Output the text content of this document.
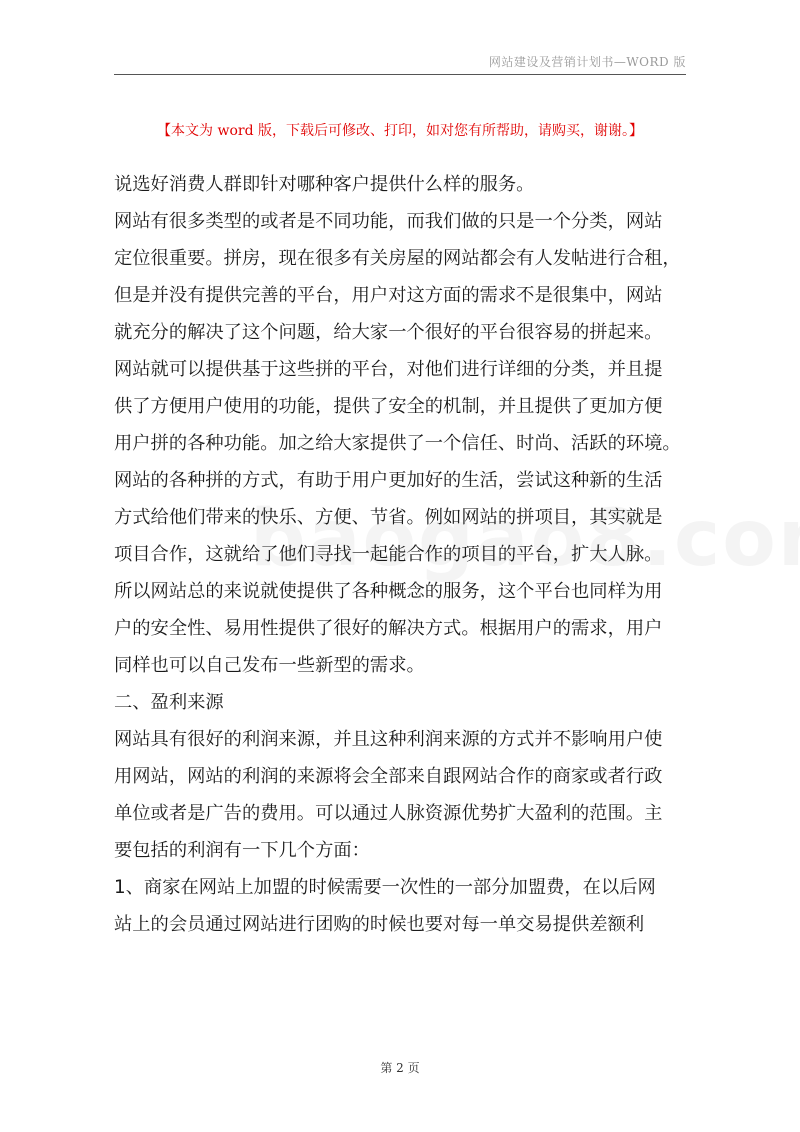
网站建设及营销计划书—WORD 版
【本文为 word 版，下载后可修改、打印，如对您有所帮助，请购买，谢谢。】
说选好消费人群即针对哪种客户提供什么样的服务。
网站有很多类型的或者是不同功能，而我们做的只是一个分类，网站
定位很重要。拼房，现在很多有关房屋的网站都会有人发帖进行合租，
但是并没有提供完善的平台，用户对这方面的需求不是很集中，网站
就充分的解决了这个问题，给大家一个很好的平台很容易的拼起来。
网站就可以提供基于这些拼的平台，对他们进行详细的分类，并且提
供了方便用户使用的功能，提供了安全的机制，并且提供了更加方便
用户拼的各种功能。加之给大家提供了一个信任、时尚、活跃的环境。
网站的各种拼的方式，有助于用户更加好的生活，尝试这种新的生活
方式给他们带来的快乐、方便、节省。例如网站的拼项目，其实就是
项目合作，这就给了他们寻找一起能合作的项目的平台，扩大人脉。
所以网站总的来说就使提供了各种概念的服务，这个平台也同样为用
户的安全性、易用性提供了很好的解决方式。根据用户的需求，用户
同样也可以自己发布一些新型的需求。
二、盈利来源
网站具有很好的利润来源，并且这种利润来源的方式并不影响用户使
用网站，网站的利润的来源将会全部来自跟网站合作的商家或者行政
单位或者是广告的费用。可以通过人脉资源优势扩大盈利的范围。主
要包括的利润有一下几个方面：
1、商家在网站上加盟的时候需要一次性的一部分加盟费，在以后网
站上的会员通过网站进行团购的时候也要对每一单交易提供差额利
第 2 页
